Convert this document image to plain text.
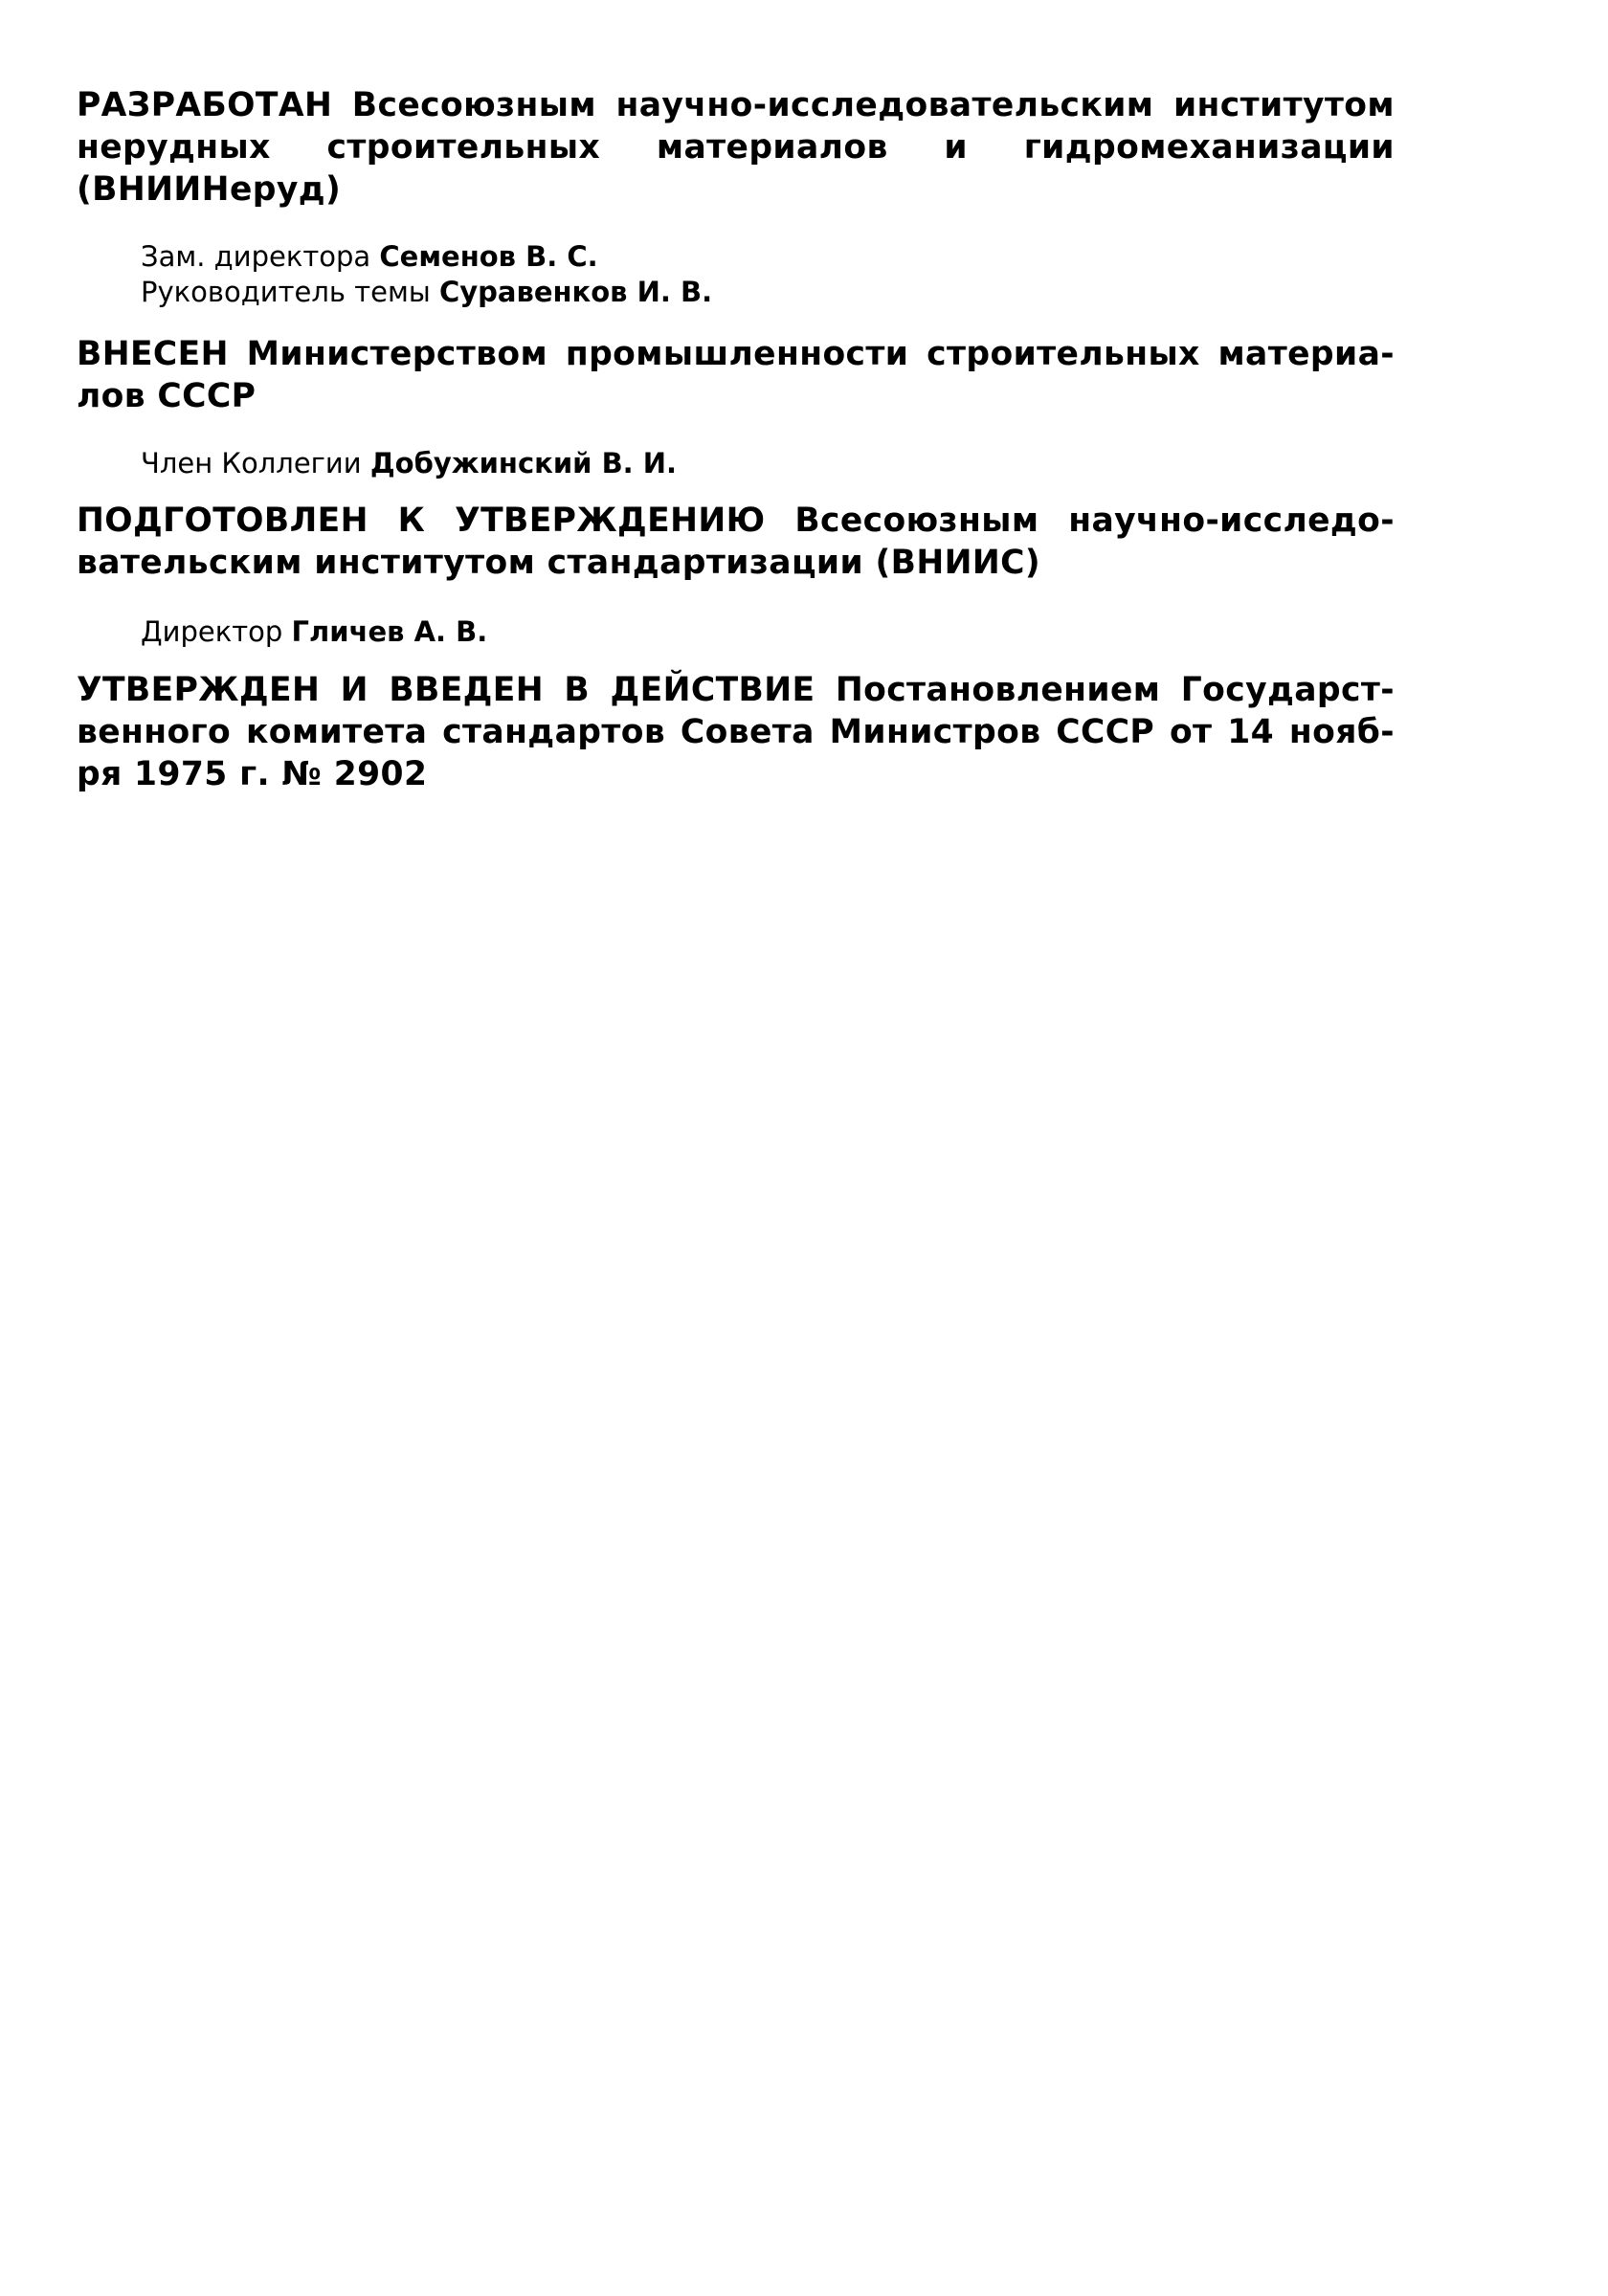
РАЗРАБОТАН Всесоюзным научно-исследовательским институтом
нерудных строительных материалов и гидромеханизации
(ВНИИНеруд)

Зам. директора Семенов В. С.

Руководитель темы Суравенков И. В.

ВНЕСЕН Министерством промышленности строительных материа-
лов СССР

Член Коллегии Добужинский В. И.

ПОДГОТОВЛЕН К УТВЕРЖДЕНИЮ Всесоюзным научно-исследо-
вательским институтом стандартизации (ВНИИС)

Директор Гличев А. В.

УТВЕРЖДЕН И ВВЕДЕН В ДЕЙСТВИЕ Постановлением Государст-
венного комитета стандартов Совета Министров СССР от 14 нояб-
ря 1975 г. № 2902
